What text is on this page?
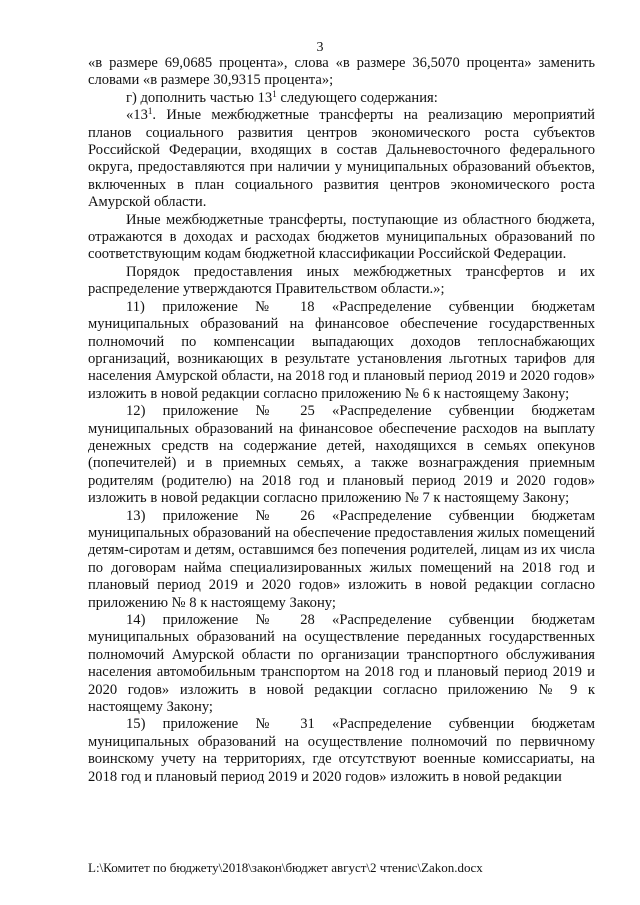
3

«в размере 69,0685 процента», слова «в размере 36,5070 процента» заменить словами «в размере 30,9315 процента»;

г) дополнить частью $13^1$ следующего содержания:

«$13^1$. Иные межбюджетные трансферты на реализацию мероприятий планов социального развития центров экономического роста субъектов Российской Федерации, входящих в состав Дальневосточного федерального округа, предоставляются при наличии у муниципальных образований объектов, включенных в план социального развития центров экономического роста Амурской области.

Иные межбюджетные трансферты, поступающие из областного бюджета, отражаются в доходах и расходах бюджетов муниципальных образований по соответствующим кодам бюджетной классификации Российской Федерации.

Порядок предоставления иных межбюджетных трансфертов и их распределение утверждаются Правительством области.»;

11) приложение № 18 «Распределение субвенции бюджетам муниципальных образований на финансовое обеспечение государственных полномочий по компенсации выпадающих доходов теплоснабжающих организаций, возникающих в результате установления льготных тарифов для населения Амурской области, на 2018 год и плановый период 2019 и 2020 годов» изложить в новой редакции согласно приложению № 6 к настоящему Закону;

12) приложение № 25 «Распределение субвенции бюджетам муниципальных образований на финансовое обеспечение расходов на выплату денежных средств на содержание детей, находящихся в семьях опекунов (попечителей) и в приемных семьях, а также вознаграждения приемным родителям (родителю) на 2018 год и плановый период 2019 и 2020 годов» изложить в новой редакции согласно приложению № 7 к настоящему Закону;

13) приложение № 26 «Распределение субвенции бюджетам муниципальных образований на обеспечение предоставления жилых помещений детям-сиротам и детям, оставшимся без попечения родителей, лицам из их числа по договорам найма специализированных жилых помещений на 2018 год и плановый период 2019 и 2020 годов» изложить в новой редакции согласно приложению № 8 к настоящему Закону;

14) приложение № 28 «Распределение субвенции бюджетам муниципальных образований на осуществление переданных государственных полномочий Амурской области по организации транспортного обслуживания населения автомобильным транспортом на 2018 год и плановый период 2019 и 2020 годов» изложить в новой редакции согласно приложению № 9 к настоящему Закону;

15) приложение № 31 «Распределение субвенции бюджетам муниципальных образований на осуществление полномочий по первичному воинскому учету на территориях, где отсутствуют военные комиссариаты, на 2018 год и плановый период 2019 и 2020 годов» изложить в новой редакции

L:\Комитет по бюджету\2018\закон\бюджет август\2 чтенис\Zakon.docx
